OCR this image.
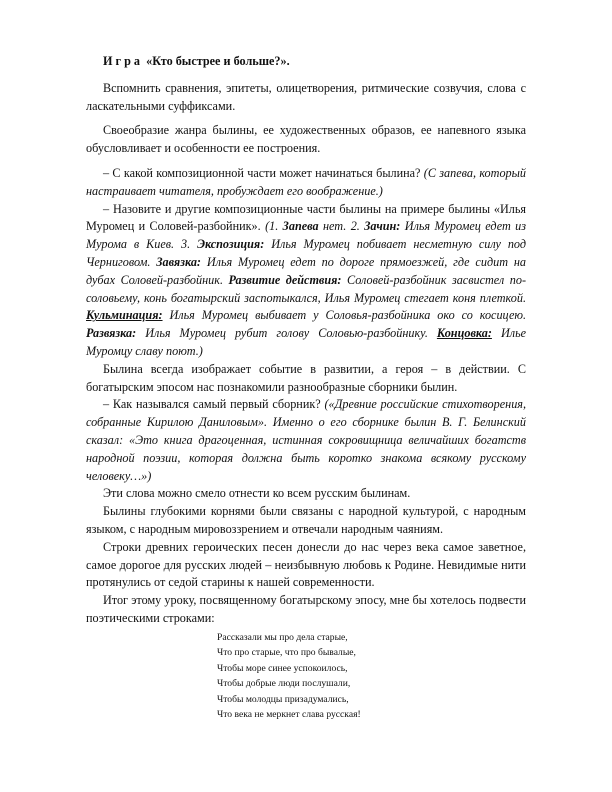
И г р а «Кто быстрее и больше?».

Вспомнить сравнения, эпитеты, олицетворения, ритмические созвучия, слова с ласкательными суффиксами.

Своеобразие жанра былины, ее художественных образов, ее напевного языка обусловливает и особенности ее построения.

– С какой композиционной части может начинаться былина? (С запева, который настраивает читателя, пробуждает его воображение.)

– Назовите и другие композиционные части былины на примере былины «Илья Муромец и Соловей-разбойник». (1. Запева нет. 2. Зачин: Илья Муромец едет из Мурома в Киев. 3. Экспозиция: Илья Муромец побивает несметную силу под Черниговом. Завязка: Илья Муромец едет по дороге прямоезжей, где сидит на дубах Соловей-разбойник. Развитие действия: Соловей-разбойник засвистел по-соловьему, конь богатырский заспотыкался, Илья Муромец стегает коня плеткой. Кульминация: Илья Муромец выбивает у Соловья-разбойника око со косицею. Развязка: Илья Муромец рубит голову Соловью-разбойнику. Концовка: Илье Муромцу славу поют.)

Былина всегда изображает событие в развитии, а героя – в действии. С богатырским эпосом нас познакомили разнообразные сборники былин.

– Как назывался самый первый сборник? («Древние российские стихотворения, собранные Кирилою Даниловым». Именно о его сборнике былин В. Г. Белинский сказал: «Это книга драгоценная, истинная сокровищница величайших богатств народной поэзии, которая должна быть коротко знакома всякому русскому человеку…»)

Эти слова можно смело отнести ко всем русским былинам.

Былины глубокими корнями были связаны с народной культурой, с народным языком, с народным мировоззрением и отвечали народным чаяниям.

Строки древних героических песен донесли до нас через века самое заветное, самое дорогое для русских людей – неизбывную любовь к Родине. Невидимые нити протянулись от седой старины к нашей современности.

Итог этому уроку, посвященному богатырскому эпосу, мне бы хотелось подвести поэтическими строками:

Рассказали мы про дела старые,
Что про старые, что про бывалые,
Чтобы море синее успокоилось,
Чтобы добрые люди послушали,
Чтобы молодцы призадумались,
Что века не меркнет слава русская!
